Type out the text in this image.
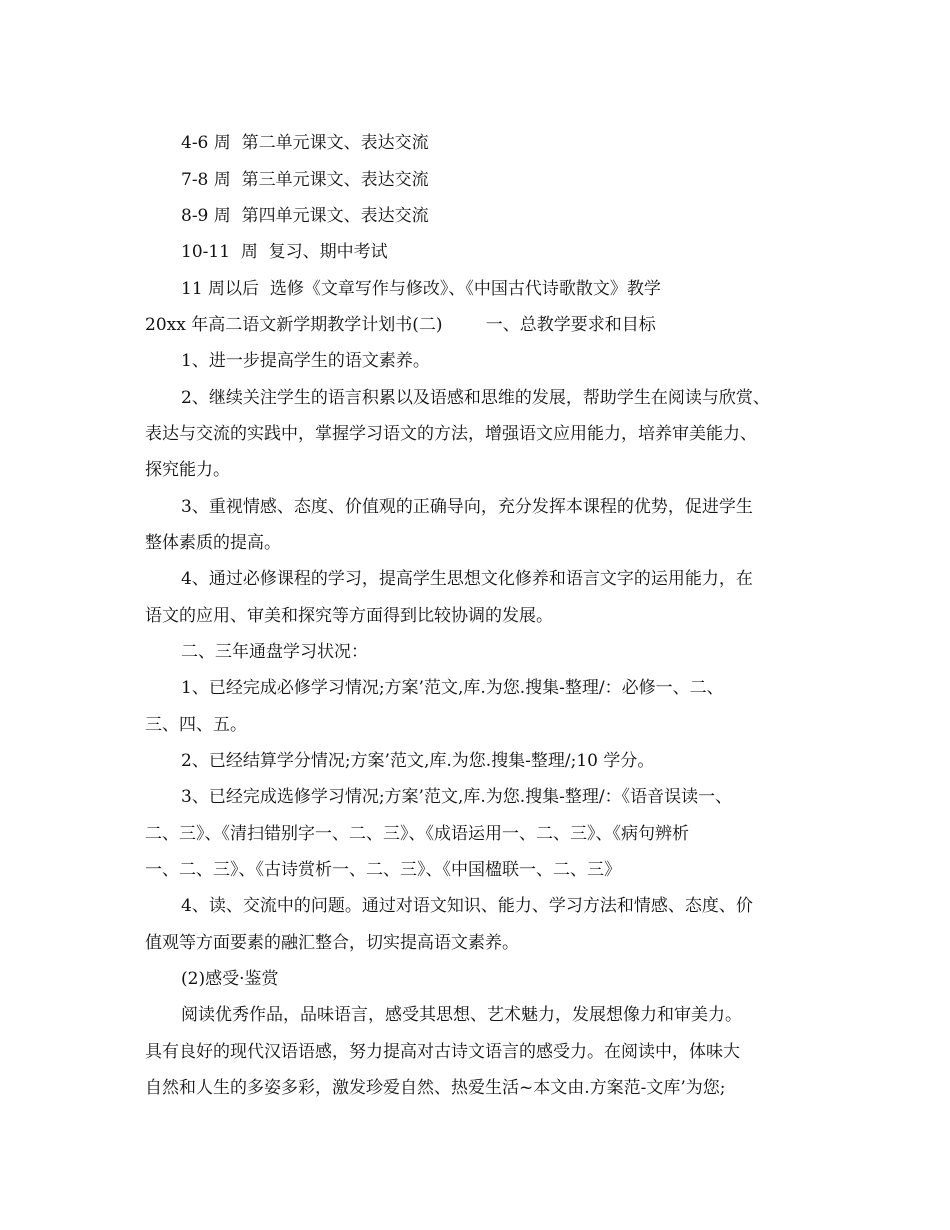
4-6 周  第二单元课文、表达交流
7-8 周  第三单元课文、表达交流
8-9 周  第四单元课文、表达交流
10-11  周  复习、期中考试
11 周以后  选修《文章写作与修改》、《中国古代诗歌散文》教学
20xx 年高二语文新学期教学计划书(二)        一、总教学要求和目标
1、进一步提高学生的语文素养。
2、继续关注学生的语言积累以及语感和思维的发展，帮助学生在阅读与欣赏、
表达与交流的实践中，掌握学习语文的方法，增强语文应用能力，培养审美能力、
探究能力。
3、重视情感、态度、价值观的正确导向，充分发挥本课程的优势，促进学生
整体素质的提高。
4、通过必修课程的学习，提高学生思想文化修养和语言文字的运用能力，在
语文的应用、审美和探究等方面得到比较协调的发展。
二、三年通盘学习状况：
1、已经完成必修学习情况;方案’范文,库.为您.搜集-整理/：必修一、二、
三、四、五。
2、已经结算学分情况;方案’范文,库.为您.搜集-整理/;10 学分。
3、已经完成选修学习情况;方案’范文,库.为您.搜集-整理/：《语音误读一、
二、三》、《清扫错别字一、二、三》、《成语运用一、二、三》、《病句辨析
一、二、三》、《古诗赏析一、二、三》、《中国楹联一、二、三》
4、读、交流中的问题。通过对语文知识、能力、学习方法和情感、态度、价
值观等方面要素的融汇整合，切实提高语文素养。
(2)感受·鉴赏
阅读优秀作品，品味语言，感受其思想、艺术魅力，发展想像力和审美力。
具有良好的现代汉语语感，努力提高对古诗文语言的感受力。在阅读中，体味大
自然和人生的多姿多彩，激发珍爱自然、热爱生活~本文由.方案范-文库’为您;
